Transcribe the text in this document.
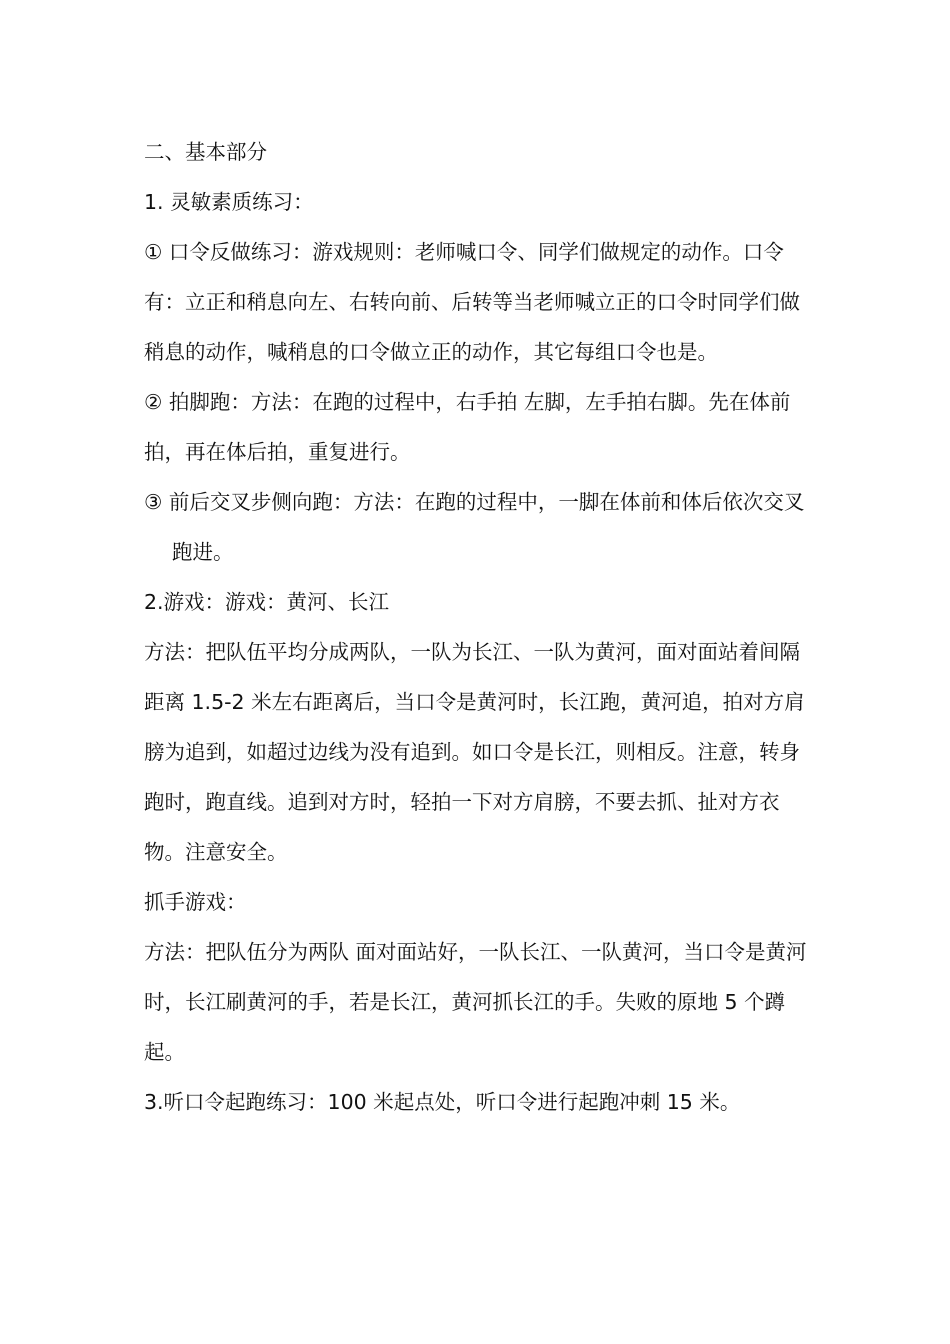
二、基本部分

1. 灵敏素质练习：

① 口令反做练习：游戏规则：老师喊口令、同学们做规定的动作。口令有：立正和稍息向左、右转向前、后转等当老师喊立正的口令时同学们做稍息的动作，喊稍息的口令做立正的动作，其它每组口令也是。

② 拍脚跑：方法：在跑的过程中，右手拍 左脚，左手拍右脚。先在体前拍，再在体后拍，重复进行。

③ 前后交叉步侧向跑：方法：在跑的过程中，一脚在体前和体后依次交叉跑进。

2.游戏：游戏：黄河、长江

方法：把队伍平均分成两队，一队为长江、一队为黄河，面对面站着间隔距离 1.5-2 米左右距离后，当口令是黄河时，长江跑，黄河追，拍对方肩膀为追到，如超过边线为没有追到。如口令是长江，则相反。注意，转身跑时，跑直线。追到对方时，轻拍一下对方肩膀，不要去抓、扯对方衣物。注意安全。

抓手游戏：

方法：把队伍分为两队 面对面站好，一队长江、一队黄河，当口令是黄河时，长江刷黄河的手，若是长江，黄河抓长江的手。失败的原地 5 个蹲起。

3.听口令起跑练习：100 米起点处，听口令进行起跑冲刺 15 米。
